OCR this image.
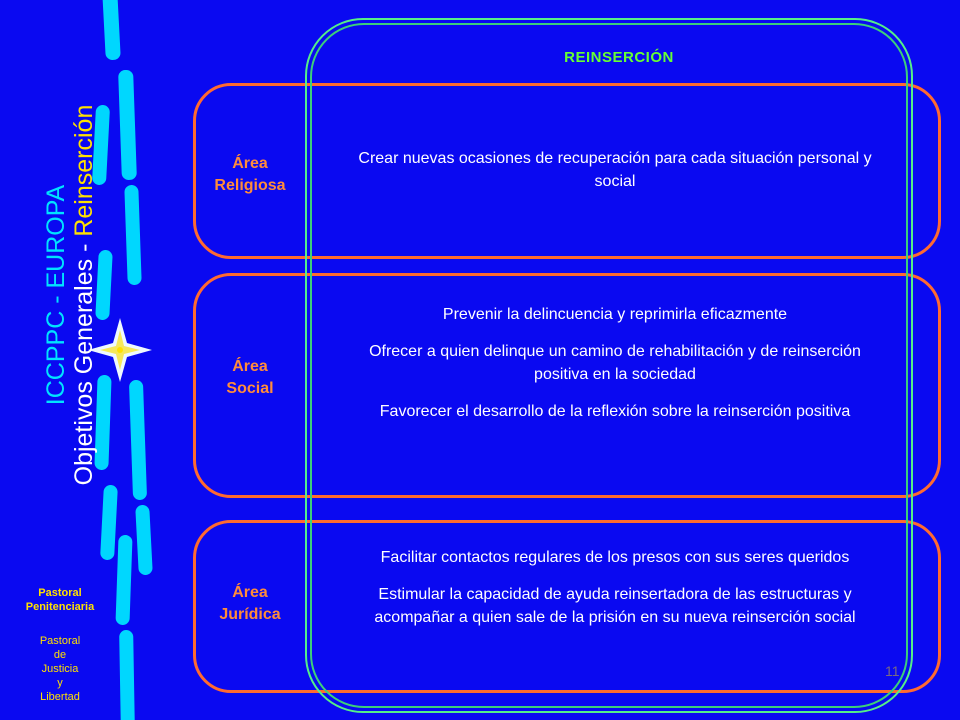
ICCPPC - EUROPA Objetivos Generales - Reinserción
Pastoral
Penitenciaria
Pastoral
de
Justicia
y
Libertad
REINSERCIÓN
Área
Religiosa
Área
Social
Área
Jurídica

Crear nuevas ocasiones de recuperación para cada situación personal y social

Prevenir la delincuencia y reprimirla eficazmente

Ofrecer a quien delinque un camino de rehabilitación y de reinserción positiva en la sociedad

Favorecer el desarrollo de la reflexión sobre la reinserción positiva

Facilitar contactos regulares de los presos con sus seres queridos

Estimular la capacidad de ayuda reinsertadora de las estructuras y acompañar a quien sale de la prisión en su nueva reinserción social

11
